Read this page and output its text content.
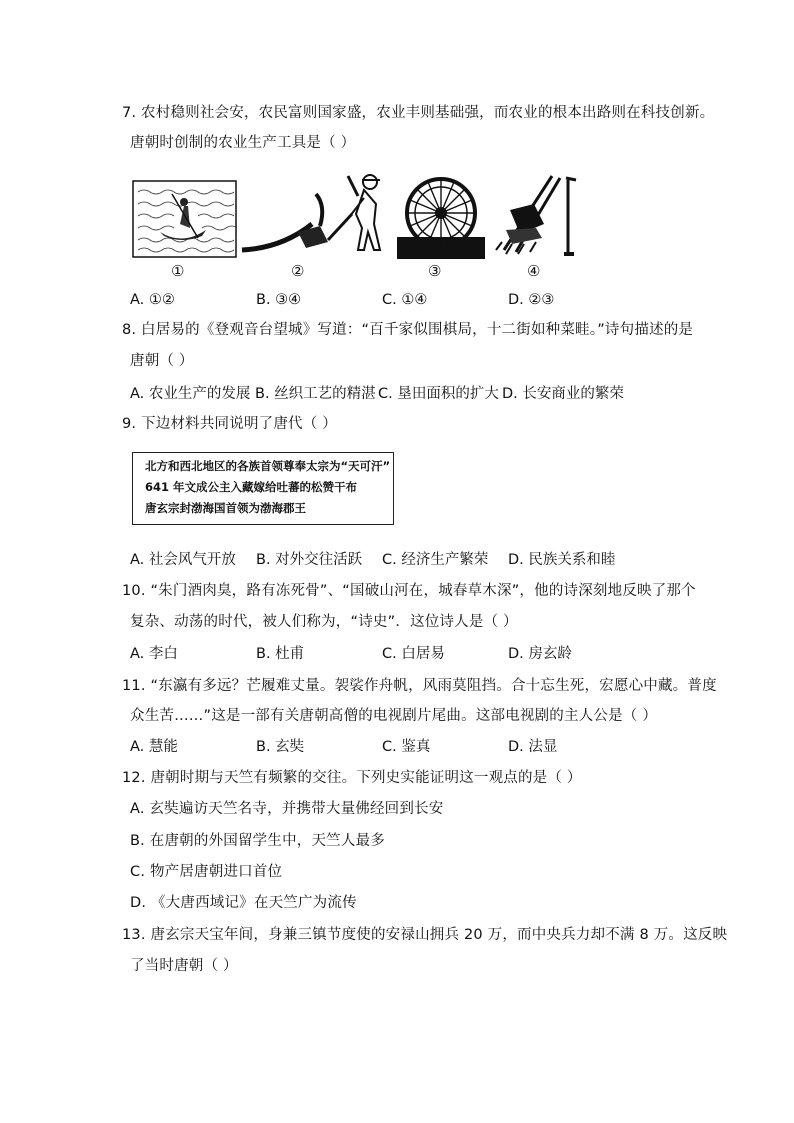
7. 农村稳则社会安，农民富则国家盛，农业丰则基础强，而农业的根本出路则在科技创新。
唐朝时创制的农业生产工具是（ ）
①	②	③	④
A. ①②	B. ③④	C. ①④	D. ②③
8. 白居易的《登观音台望城》写道：“百千家似围棋局，十二街如种菜畦。”诗句描述的是
唐朝（ ）
A. 农业生产的发展 B. 丝织工艺的精湛 C. 垦田面积的扩大 D. 长安商业的繁荣
9. 下边材料共同说明了唐代（ ）
北方和西北地区的各族首领尊奉太宗为“天可汗”
641 年文成公主入藏嫁给吐蕃的松赞干布
唐玄宗封渤海国首领为渤海郡王
A. 社会风气开放 B. 对外交往活跃 C. 经济生产繁荣 D. 民族关系和睦
10. “朱门酒肉臭，路有冻死骨”、“国破山河在，城春草木深”，他的诗深刻地反映了那个
复杂、动荡的时代，被人们称为，“诗史”．这位诗人是（ ）
A. 李白	B. 杜甫	C. 白居易	D. 房玄龄
11. “东瀛有多远？芒履难丈量。袈裟作舟帆，风雨莫阻挡。合十忘生死，宏愿心中藏。普度
众生苦……”这是一部有关唐朝高僧的电视剧片尾曲。这部电视剧的主人公是（ ）
A. 慧能	B. 玄奘	C. 鉴真	D. 法显
12. 唐朝时期与天竺有频繁的交往。下列史实能证明这一观点的是（ ）
A. 玄奘遍访天竺名寺，并携带大量佛经回到长安
B. 在唐朝的外国留学生中，天竺人最多
C. 物产居唐朝进口首位
D. 《大唐西域记》在天竺广为流传
13. 唐玄宗天宝年间，身兼三镇节度使的安禄山拥兵 20 万，而中央兵力却不满 8 万。这反映
了当时唐朝（ ）
